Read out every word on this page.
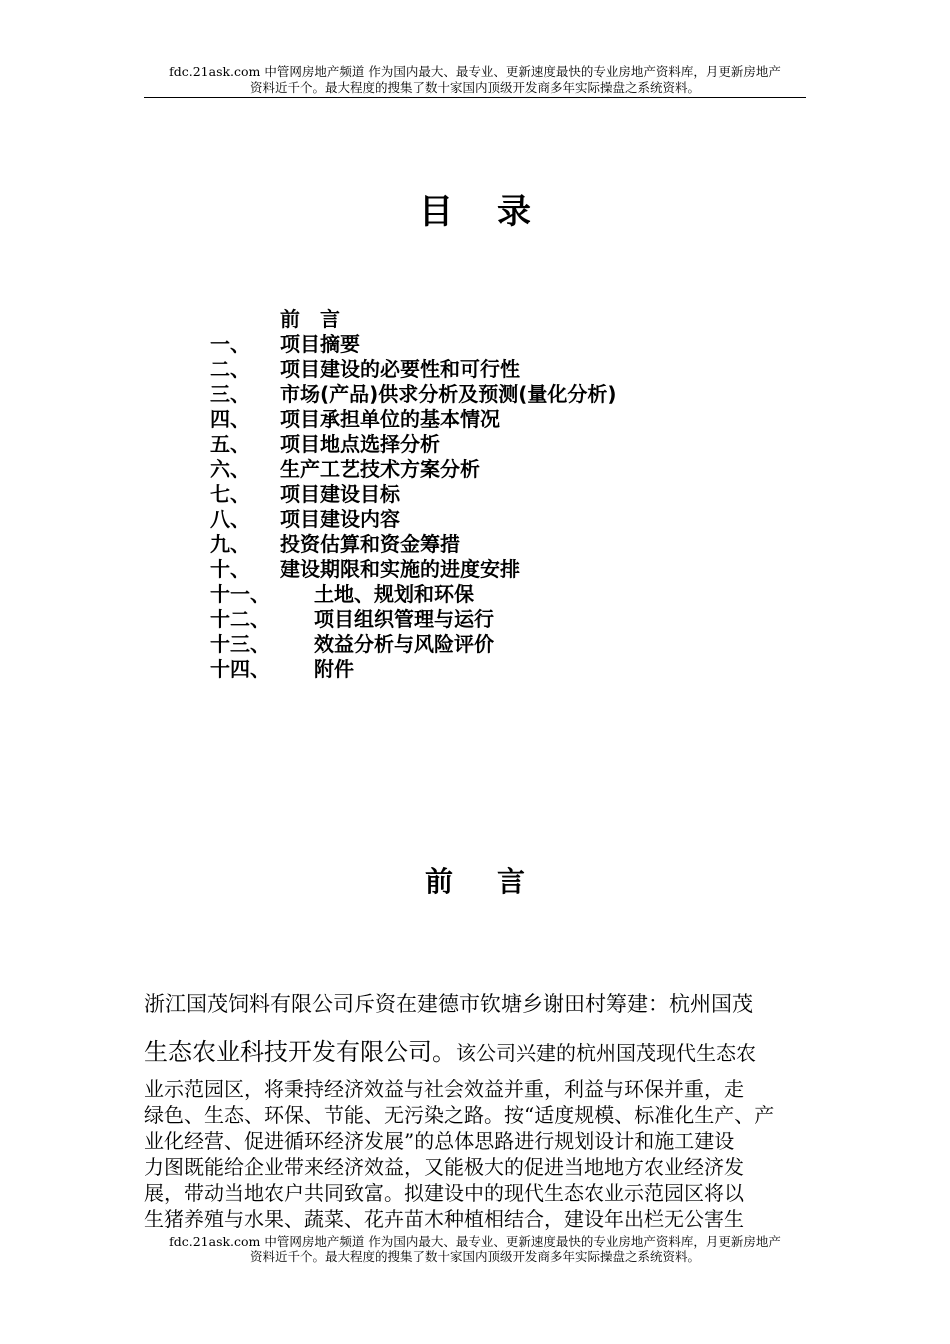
fdc.21ask.com 中管网房地产频道 作为国内最大、最专业、更新速度最快的专业房地产资料库，月更新房地产
资料近千个。最大程度的搜集了数十家国内顶级开发商多年实际操盘之系统资料。
目录
前言
一、 项目摘要
二、 项目建设的必要性和可行性
三、 市场(产品)供求分析及预测(量化分析)
四、 项目承担单位的基本情况
五、 项目地点选择分析
六、 生产工艺技术方案分析
七、 项目建设目标
八、 项目建设内容
九、 投资估算和资金筹措
十、 建设期限和实施的进度安排
十一、 土地、规划和环保
十二、 项目组织管理与运行
十三、 效益分析与风险评价
十四、 附件
前言
浙江国茂饲料有限公司斥资在建德市钦塘乡谢田村筹建：杭州国茂
生态农业科技开发有限公司。该公司兴建的杭州国茂现代生态农
业示范园区，将秉持经济效益与社会效益并重，利益与环保并重，走
绿色、生态、环保、节能、无污染之路。按“适度规模、标准化生产、产
业化经营、促进循环经济发展”的总体思路进行规划设计和施工建设
力图既能给企业带来经济效益，又能极大的促进当地地方农业经济发
展，带动当地农户共同致富。拟建设中的现代生态农业示范园区将以
生猪养殖与水果、蔬菜、花卉苗木种植相结合，建设年出栏无公害生
fdc.21ask.com 中管网房地产频道 作为国内最大、最专业、更新速度最快的专业房地产资料库，月更新房地产
资料近千个。最大程度的搜集了数十家国内顶级开发商多年实际操盘之系统资料。
